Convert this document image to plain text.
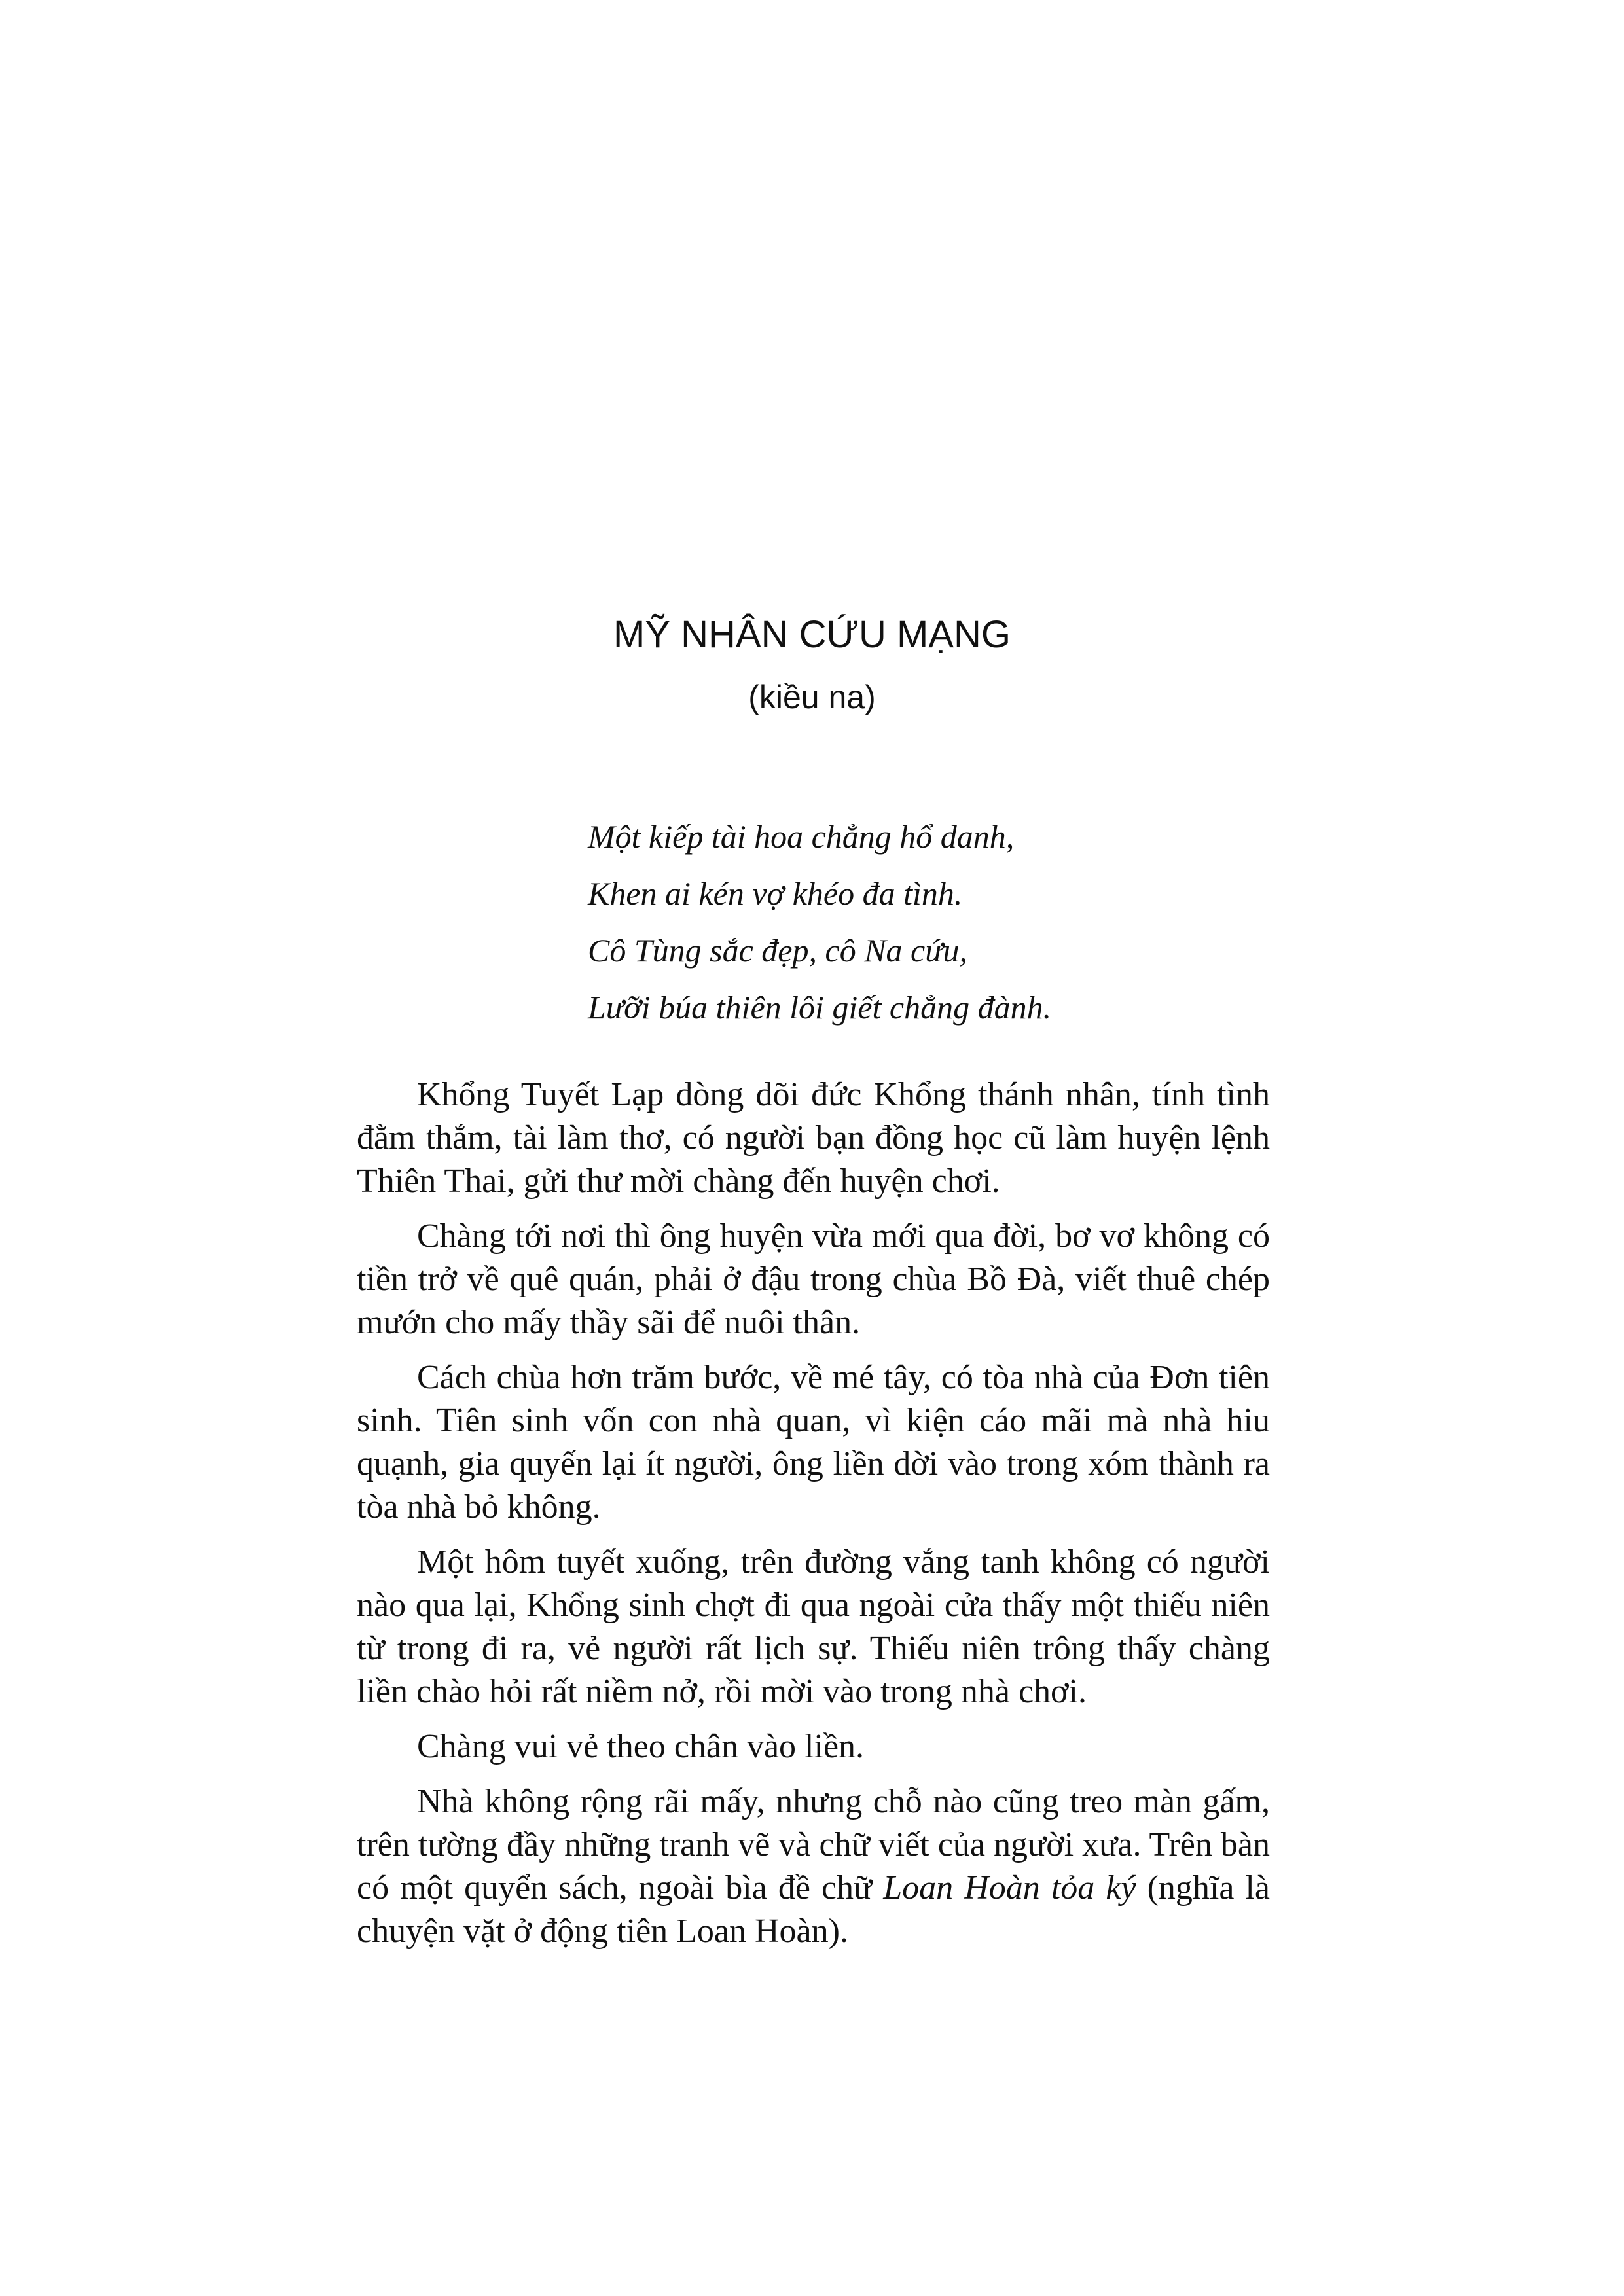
MỸ NHÂN CỨU MẠNG
(kiều na)
Một kiếp tài hoa chẳng hổ danh,
Khen ai kén vợ khéo đa tình.
Cô Tùng sắc đẹp, cô Na cứu,
Lưỡi búa thiên lôi giết chẳng đành.

Khổng Tuyết Lạp dòng dõi đức Khổng thánh nhân, tính tình đằm thắm, tài làm thơ, có người bạn đồng học cũ làm huyện lệnh Thiên Thai, gửi thư mời chàng đến huyện chơi.

Chàng tới nơi thì ông huyện vừa mới qua đời, bơ vơ không có tiền trở về quê quán, phải ở đậu trong chùa Bồ Đà, viết thuê chép mướn cho mấy thầy sãi để nuôi thân.

Cách chùa hơn trăm bước, về mé tây, có tòa nhà của Đơn tiên sinh. Tiên sinh vốn con nhà quan, vì kiện cáo mãi mà nhà hiu quạnh, gia quyến lại ít người, ông liền dời vào trong xóm thành ra tòa nhà bỏ không.

Một hôm tuyết xuống, trên đường vắng tanh không có người nào qua lại, Khổng sinh chợt đi qua ngoài cửa thấy một thiếu niên từ trong đi ra, vẻ người rất lịch sự. Thiếu niên trông thấy chàng liền chào hỏi rất niềm nở, rồi mời vào trong nhà chơi.

Chàng vui vẻ theo chân vào liền.

Nhà không rộng rãi mấy, nhưng chỗ nào cũng treo màn gấm, trên tường đầy những tranh vẽ và chữ viết của người xưa. Trên bàn có một quyển sách, ngoài bìa đề chữ Loan Hoàn tỏa ký (nghĩa là chuyện vặt ở động tiên Loan Hoàn).
